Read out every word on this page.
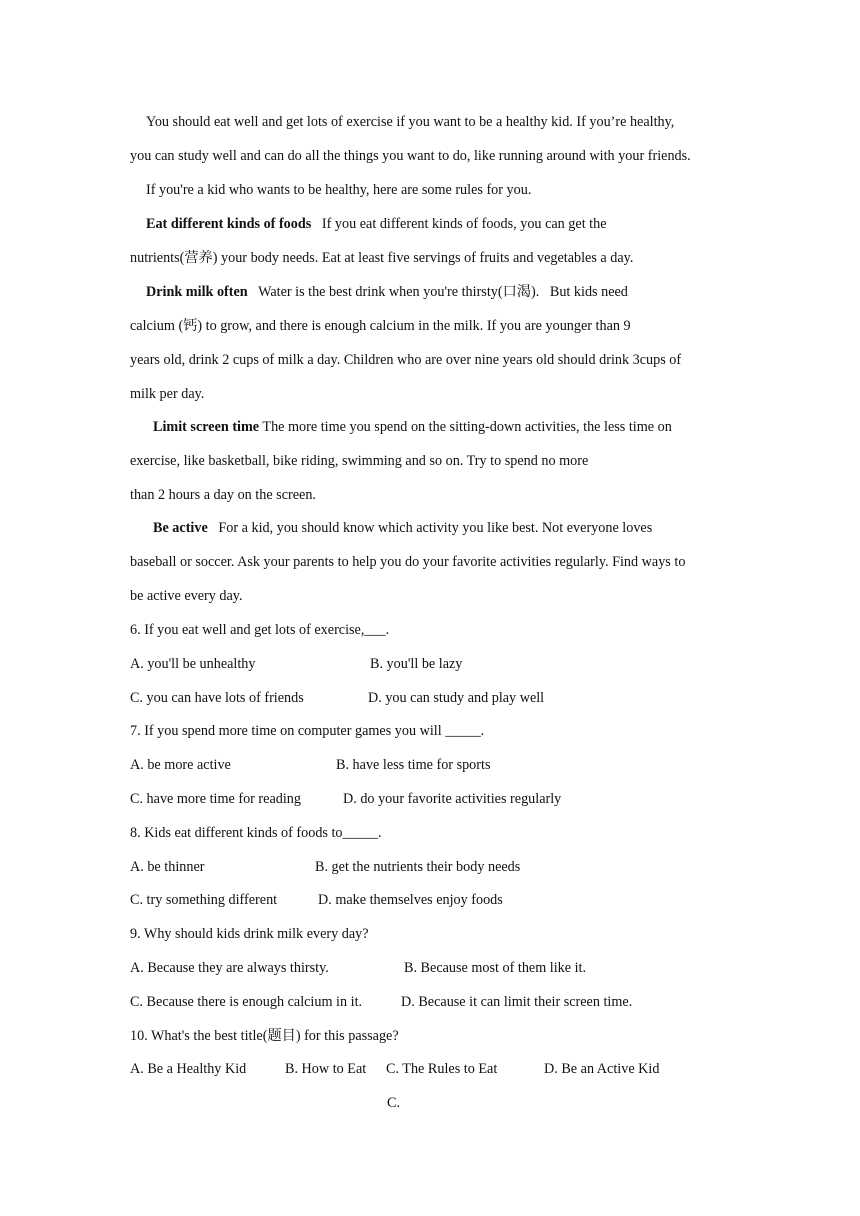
You should eat well and get lots of exercise if you want to be a healthy kid. If you’re healthy,
you can study well and can do all the things you want to do, like running around with your friends.
If you're a kid who wants to be healthy, here are some rules for you.
Eat different kinds of foods If you eat different kinds of foods, you can get the
nutrients(营养) your body needs. Eat at least five servings of fruits and vegetables a day.
Drink milk often Water is the best drink when you're thirsty(口渴).   But kids need
calcium (钙) to grow, and there is enough calcium in the milk. If you are younger than 9
years old, drink 2 cups of milk a day. Children who are over nine years old should drink 3cups of
milk per day.
Limit screen time The more time you spend on the sitting-down activities, the less time on
exercise, like basketball, bike riding, swimming and so on. Try to spend no more
than 2 hours a day on the screen.
Be active For a kid, you should know which activity you like best. Not everyone loves
baseball or soccer. Ask your parents to help you do your favorite activities regularly. Find ways to
be active every day.
6. If you eat well and get lots of exercise,___.
A. you'll be unhealthy	B. you'll be lazy
C. you can have lots of friends	D. you can study and play well
7. If you spend more time on computer games you will _____.
A. be more active	B. have less time for sports
C. have more time for reading	D. do your favorite activities regularly
8. Kids eat different kinds of foods to_____.
A. be thinner	B. get the nutrients their body needs
C. try something different	D. make themselves enjoy foods
9. Why should kids drink milk every day?
A. Because they are always thirsty.	B. Because most of them like it.
C. Because there is enough calcium in it.	D. Because it can limit their screen time.
10. What's the best title(题目) for this passage?
A. Be a Healthy Kid	B. How to Eat C. The Rules to Eat	D. Be an Active Kid
C.
